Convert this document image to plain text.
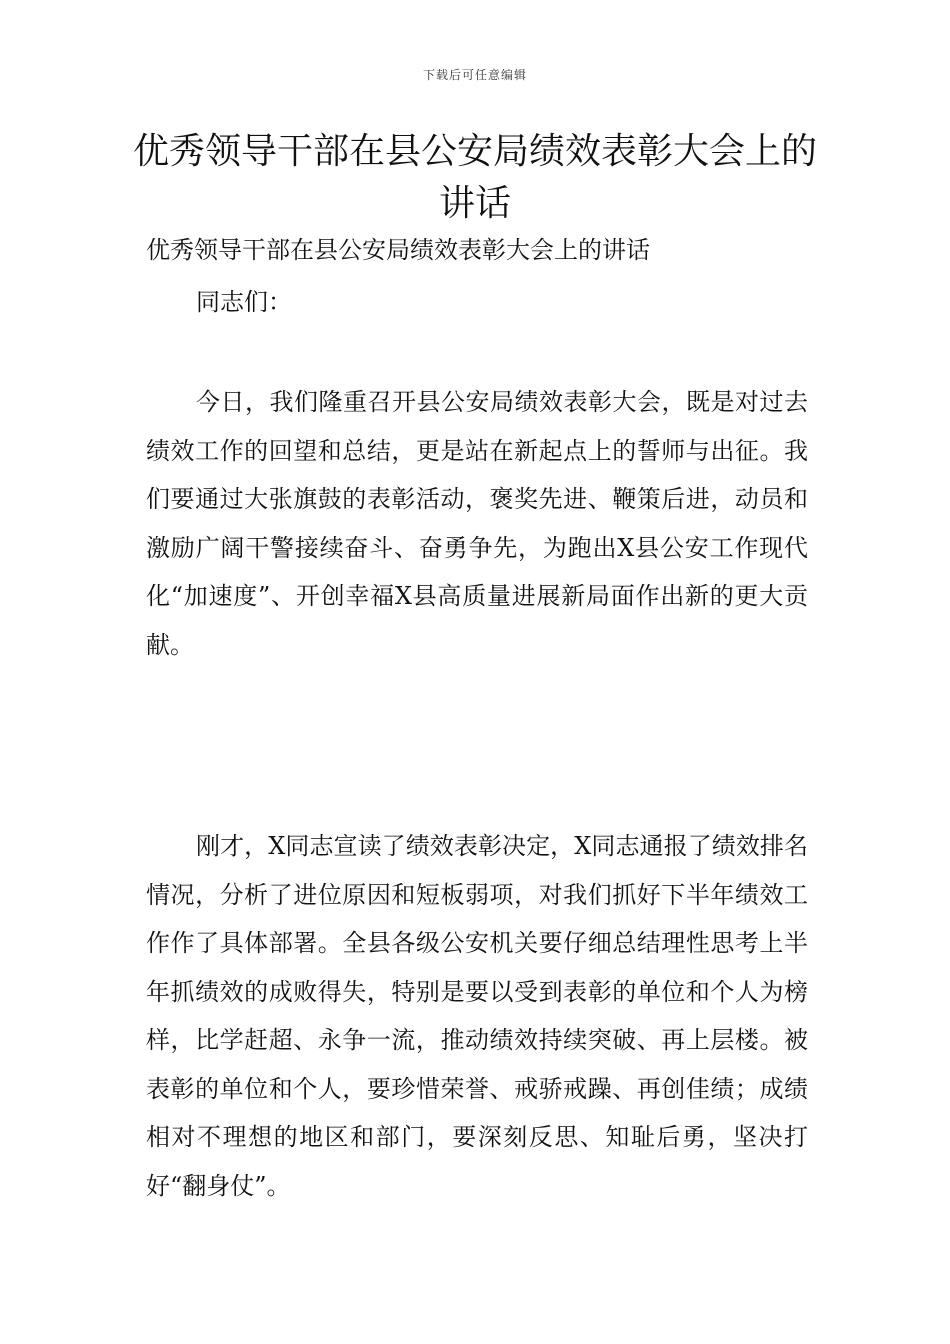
下载后可任意编辑
优秀领导干部在县公安局绩效表彰大会上的讲话
优秀领导干部在县公安局绩效表彰大会上的讲话
同志们：

今日，我们隆重召开县公安局绩效表彰大会，既是对过去绩效工作的回望和总结，更是站在新起点上的誓师与出征。我们要通过大张旗鼓的表彰活动，褒奖先进、鞭策后进，动员和激励广阔干警接续奋斗、奋勇争先，为跑出X县公安工作现代化“加速度”、开创幸福X县高质量进展新局面作出新的更大贡献。

刚才，X同志宣读了绩效表彰决定，X同志通报了绩效排名情况，分析了进位原因和短板弱项，对我们抓好下半年绩效工作作了具体部署。全县各级公安机关要仔细总结理性思考上半年抓绩效的成败得失，特别是要以受到表彰的单位和个人为榜样，比学赶超、永争一流，推动绩效持续突破、再上层楼。被表彰的单位和个人，要珍惜荣誉、戒骄戒躁、再创佳绩；成绩相对不理想的地区和部门，要深刻反思、知耻后勇，坚决打好“翻身仗”。
